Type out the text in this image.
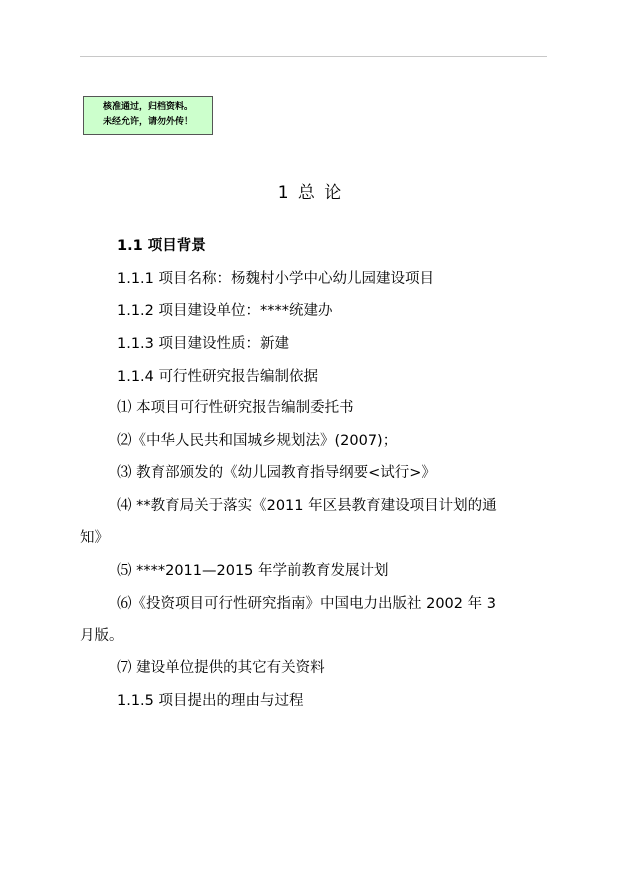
核准通过，归档资料。
未经允许，请勿外传！
1 总 论
1.1 项目背景
1.1.1 项目名称：杨魏村小学中心幼儿园建设项目
1.1.2 项目建设单位：****统建办
1.1.3 项目建设性质：新建
1.1.4 可行性研究报告编制依据
⑴ 本项目可行性研究报告编制委托书
⑵《中华人民共和国城乡规划法》(2007)；
⑶ 教育部颁发的《幼儿园教育指导纲要<试行>》
⑷ **教育局关于落实《2011 年区县教育建设项目计划的通
知》
⑸ ****2011—2015 年学前教育发展计划
⑹《投资项目可行性研究指南》中国电力出版社 2002 年 3
月版。
⑺ 建设单位提供的其它有关资料
1.1.5 项目提出的理由与过程
